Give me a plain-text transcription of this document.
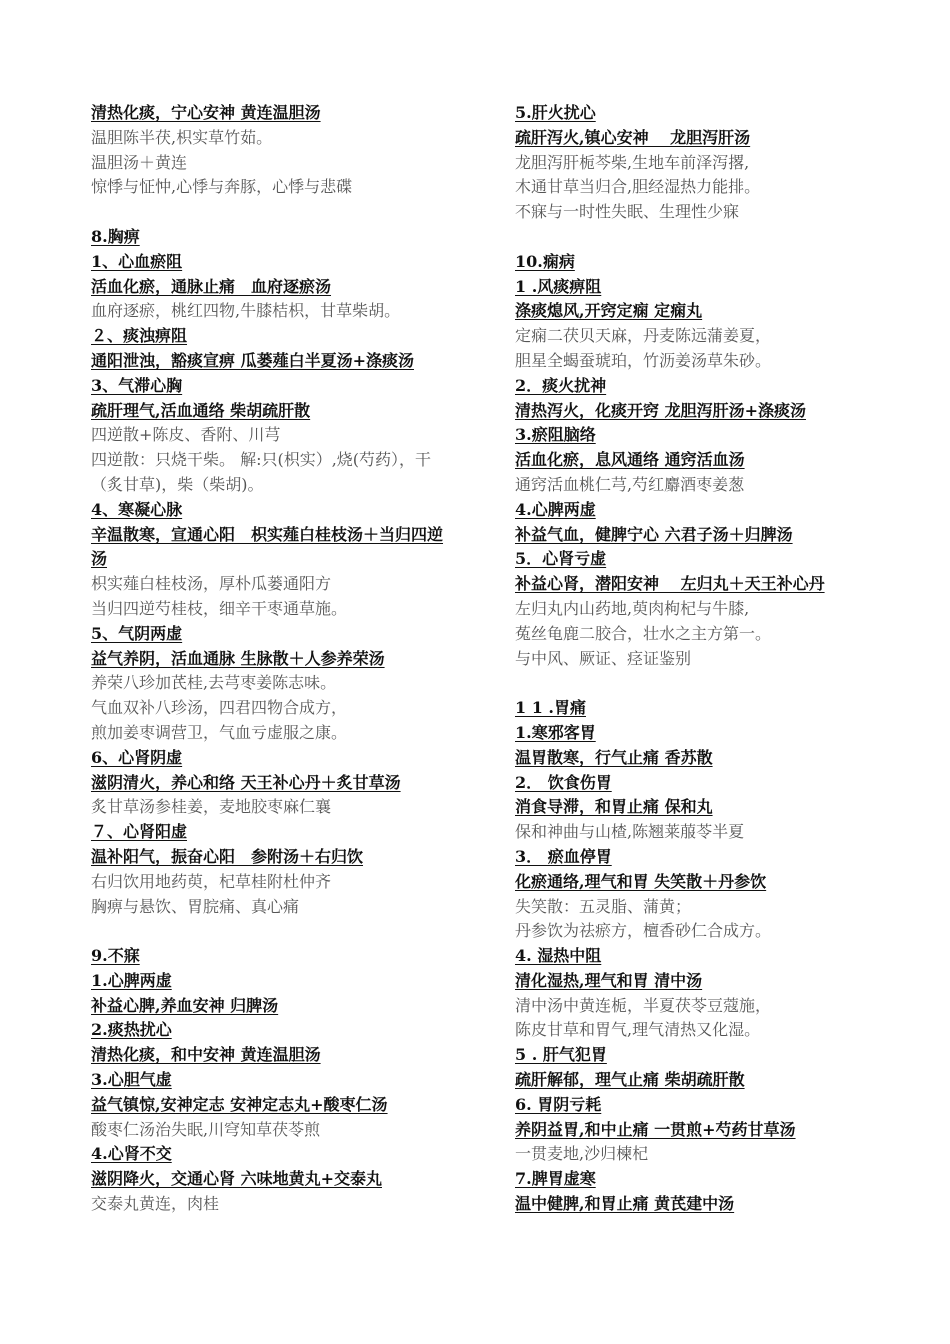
清热化痰，宁心安神 黄连温胆汤
温胆陈半茯,枳实草竹茹。
温胆汤＋黄连
惊悸与怔忡,心悸与奔豚，心悸与悲碟
8.胸痹
1、心血瘀阻
活血化瘀，通脉止痛　血府逐瘀汤
血府逐瘀，桃红四物,牛膝桔枳，甘草柴胡。
２、痰浊痹阻
通阳泄浊，豁痰宣痹 瓜蒌薤白半夏汤+涤痰汤
3、气滞心胸
疏肝理气,活血通络 柴胡疏肝散
四逆散+陈皮、香附、川芎
四逆散：只烧干柴。 解:只(枳实）,烧(芍药），干
（炙甘草)，柴（柴胡)。
4、寒凝心脉
辛温散寒，宣通心阳　枳实薤白桂枝汤＋当归四逆
汤
枳实薤白桂枝汤，厚朴瓜蒌通阳方
当归四逆芍桂枝，细辛干枣通草施。
5、气阴两虚
益气养阴，活血通脉 生脉散＋人参养荣汤
养荣八珍加芪桂,去芎枣姜陈志味。
气血双补八珍汤，四君四物合成方，
煎加姜枣调营卫，气血亏虚服之康。
6、心肾阴虚
滋阴清火，养心和络 天王补心丹＋炙甘草汤
炙甘草汤参桂姜，麦地胶枣麻仁襄
７、心肾阳虚
温补阳气，振奋心阳　参附汤＋右归饮
右归饮用地药萸，杞草桂附杜仲齐
胸痹与悬饮、胃脘痛、真心痛
9.不寐
1.心脾两虚
补益心脾,养血安神 归脾汤
2.痰热扰心
清热化痰，和中安神 黄连温胆汤
3.心胆气虚
益气镇惊,安神定志 安神定志丸+酸枣仁汤
酸枣仁汤治失眠,川穹知草茯苓煎
4.心肾不交
滋阴降火，交通心肾 六味地黄丸+交泰丸
交泰丸黄连，肉桂
5.肝火扰心
疏肝泻火,镇心安神 　龙胆泻肝汤
龙胆泻肝栀芩柴,生地车前泽泻撂,
木通甘草当归合,胆经湿热力能排。
不寐与一时性失眠、生理性少寐
10.痫病
1 .风痰痹阻
涤痰熄风,开窍定痫 定痫丸
定痫二茯贝天麻，丹麦陈远蒲姜夏，
胆星全蝎蚕琥珀，竹沥姜汤草朱砂。
2．痰火扰神
清热泻火，化痰开窍 龙胆泻肝汤+涤痰汤
3.瘀阻脑络
活血化瘀，息风通络 通窍活血汤
通窍活血桃仁芎,芍红麝酒枣姜葱
4.心脾两虚
补益气血，健脾宁心 六君子汤＋归脾汤
5．心肾亏虚
补益心肾，潜阳安神 　左归丸＋天王补心丹
左归丸内山药地,萸肉枸杞与牛膝,
菟丝龟鹿二胶合，壮水之主方第一。
与中风、厥证、痉证鉴别
1 1 .胃痛
1.寒邪客胃
温胃散寒，行气止痛 香苏散
2． 饮食伤胃
消食导滞，和胃止痛 保和丸
保和神曲与山楂,陈翘莱菔苓半夏
3． 瘀血停胃
化瘀通络,理气和胃 失笑散＋丹参饮
失笑散：五灵脂、蒲黄；
丹参饮为祛瘀方，檀香砂仁合成方。
4. 湿热中阻
清化湿热,理气和胃 清中汤
清中汤中黄连栀，半夏茯苓豆蔻施，
陈皮甘草和胃气,理气清热又化湿。
5 . 肝气犯胃
疏肝解郁，理气止痛 柴胡疏肝散
6. 胃阴亏耗
养阴益胃,和中止痛 一贯煎+芍药甘草汤
一贯麦地,沙归楝杞
7.脾胃虚寒
温中健脾,和胃止痛 黄芪建中汤
